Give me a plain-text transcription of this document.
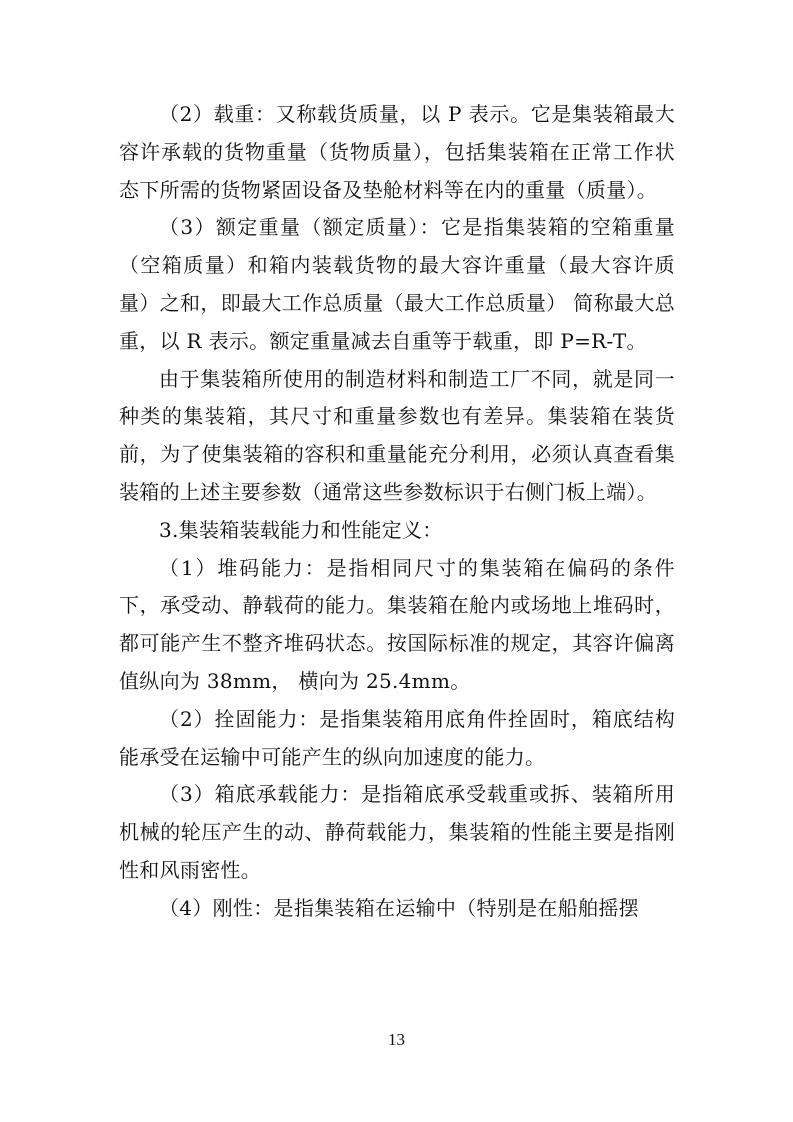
（2）载重：又称载货质量，以 P 表示。它是集装箱最大容许承载的货物重量（货物质量），包括集装箱在正常工作状态下所需的货物紧固设备及垫舱材料等在内的重量（质量）。

（3）额定重量（额定质量）：它是指集装箱的空箱重量（空箱质量）和箱内装载货物的最大容许重量（最大容许质量）之和，即最大工作总质量（最大工作总质量） 简称最大总重，以 R 表示。额定重量减去自重等于载重，即 P=R-T。

由于集装箱所使用的制造材料和制造工厂不同，就是同一种类的集装箱，其尺寸和重量参数也有差异。集装箱在装货前，为了使集装箱的容积和重量能充分利用，必须认真查看集装箱的上述主要参数（通常这些参数标识于右侧门板上端）。

3.集装箱装载能力和性能定义：

（1）堆码能力：是指相同尺寸的集装箱在偏码的条件下，承受动、静载荷的能力。集装箱在舱内或场地上堆码时，都可能产生不整齐堆码状态。按国际标准的规定，其容许偏离值纵向为 38mm， 横向为 25.4mm。

（2）拴固能力：是指集装箱用底角件拴固时，箱底结构能承受在运输中可能产生的纵向加速度的能力。

（3）箱底承载能力：是指箱底承受载重或拆、装箱所用机械的轮压产生的动、静荷载能力，集装箱的性能主要是指刚性和风雨密性。

（4）刚性：是指集装箱在运输中（特别是在船舶摇摆

13
